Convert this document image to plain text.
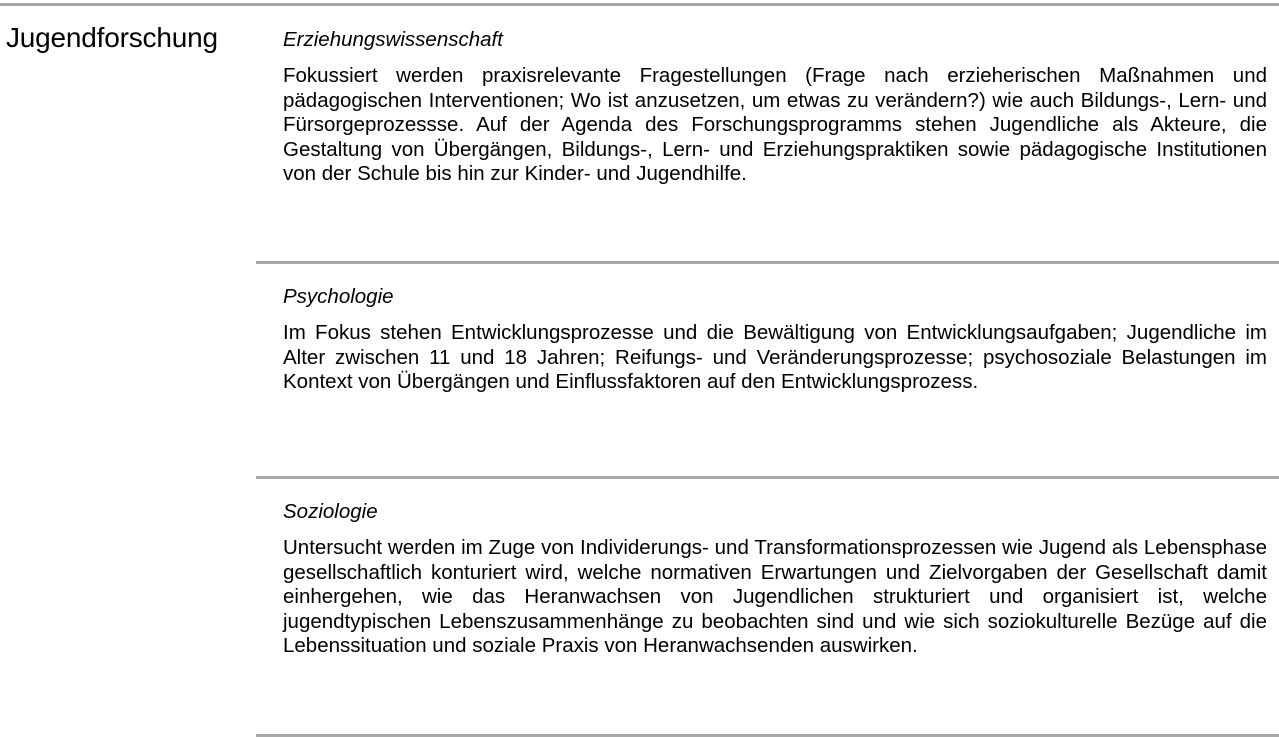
Jugendforschung	Erziehungswissenschaft

Fokussiert werden praxisrelevante Fragestellungen (Frage nach erzieherischen Maßnahmen und pädagogischen Interventionen; Wo ist anzusetzen, um etwas zu verändern?) wie auch Bildungs-, Lern- und Fürsorgeprozessse. Auf der Agenda des Forschungsprogramms stehen Jugendliche als Akteure, die Gestaltung von Übergängen, Bildungs-, Lern- und Erziehungspraktiken sowie pädagogische Institutionen von der Schule bis hin zur Kinder- und Jugendhilfe.

Psychologie

Im Fokus stehen Entwicklungsprozesse und die Bewältigung von Entwicklungsaufgaben; Jugendliche im Alter zwischen 11 und 18 Jahren; Reifungs- und Veränderungsprozesse; psychosoziale Belastungen im Kontext von Übergängen und Einflussfaktoren auf den Entwicklungsprozess.

Soziologie

Untersucht werden im Zuge von Individerungs- und Transformationsprozessen wie Jugend als Lebensphase gesellschaftlich konturiert wird, welche normativen Erwartungen und Zielvorgaben der Gesellschaft damit einhergehen, wie das Heranwachsen von Jugendlichen strukturiert und organisiert ist, welche jugendtypischen Lebenszusammenhänge zu beobachten sind und wie sich soziokulturelle Bezüge auf die Lebenssituation und soziale Praxis von Heranwachsenden auswirken.
